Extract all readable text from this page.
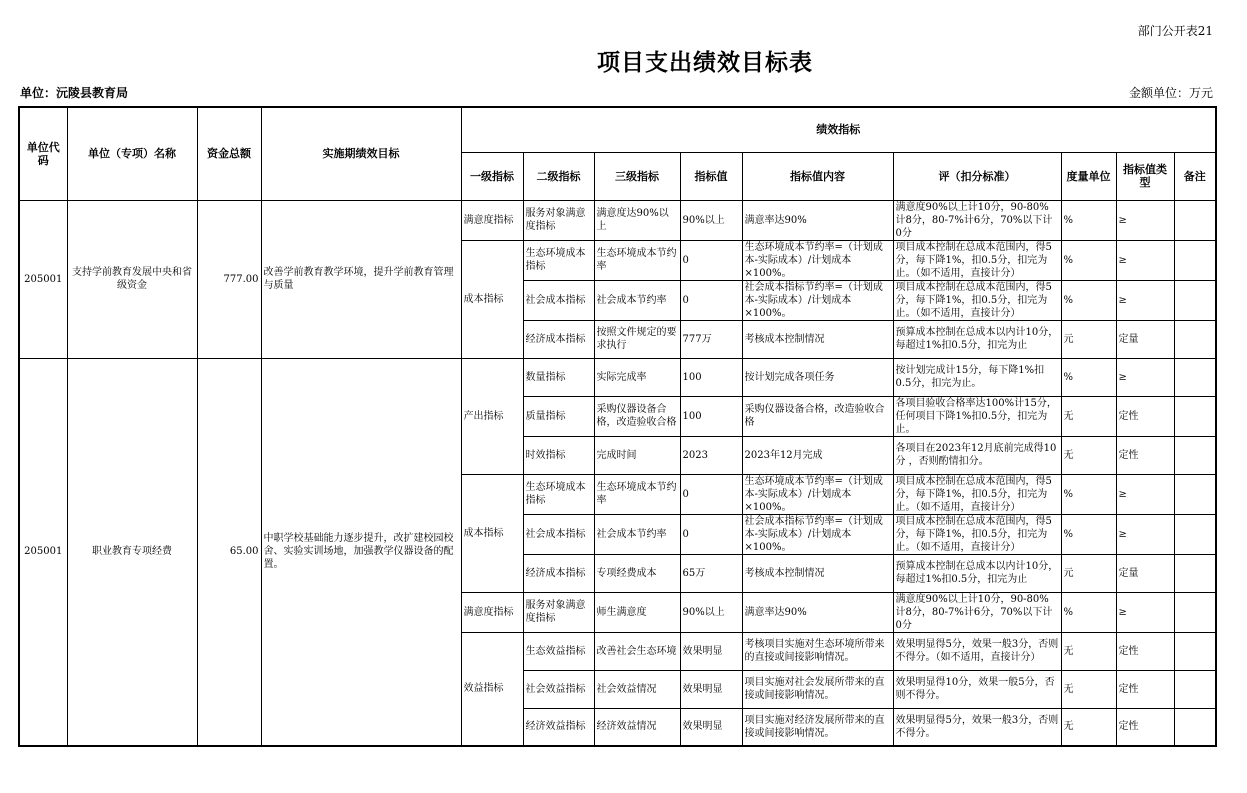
部门公开表21
项目支出绩效目标表
单位：沅陵县教育局	金额单位：万元
单位代码	单位（专项）名称	资金总额	实施期绩效目标	绩效指标								
				一级指标	二级指标	三级指标	指标值	指标值内容	评（扣分标准）	度量单位	指标值类型	备注

205001	支持学前教育发展中央和省级资金	777.00	改善学前教育教学环境，提升学前教育管理与质量	满意度指标	服务对象满意度指标	满意度达90%以上	90%以上	满意率达90%	满意度90%以上计10分，90-80%计8分，80-7%计6分，70%以下计0分	%	≥	

				成本指标	生态环境成本指标	生态环境成本节约率	0	生态环境成本节约率=（计划成本-实际成本）/计划成本×100%。	项目成本控制在总成本范围内，得5分，每下降1%，扣0.5分，扣完为止。（如不适用，直接计分）	%	≥	

					社会成本指标	社会成本节约率	0	社会成本指标节约率=（计划成本-实际成本）/计划成本×100%。	项目成本控制在总成本范围内，得5分，每下降1%，扣0.5分，扣完为止。（如不适用，直接计分）	%	≥	

					经济成本指标	按照文件规定的要求执行	777万	考核成本控制情况	预算成本控制在总成本以内计10分，每超过1%扣0.5分，扣完为止	元	定量	

205001	职业教育专项经费	65.00	中职学校基础能力逐步提升，改扩建校园校舍、实验实训场地，加强教学仪器设备的配置。	产出指标	数量指标	实际完成率	100	按计划完成各项任务	按计划完成计15分，每下降1%扣0.5分，扣完为止。	%	≥	

					质量指标	采购仪器设备合格，改造验收合格	100	采购仪器设备合格，改造验收合格	各项目验收合格率达100%计15分，任何项目下降1%扣0.5分，扣完为止。	无	定性	

					时效指标	完成时间	2023	2023年12月完成	各项目在2023年12月底前完成得10分 ，否则酌情扣分。	无	定性	

				成本指标	生态环境成本指标	生态环境成本节约率	0	生态环境成本节约率=（计划成本-实际成本）/计划成本×100%。	项目成本控制在总成本范围内，得5分，每下降1%，扣0.5分，扣完为止。（如不适用，直接计分）	%	≥	

					社会成本指标	社会成本节约率	0	社会成本指标节约率=（计划成本-实际成本）/计划成本×100%。	项目成本控制在总成本范围内，得5分，每下降1%，扣0.5分，扣完为止。（如不适用，直接计分）	%	≥	

					经济成本指标	专项经费成本	65万	考核成本控制情况	预算成本控制在总成本以内计10分，每超过1%扣0.5分，扣完为止	元	定量	

				满意度指标	服务对象满意度指标	师生满意度	90%以上	满意率达90%	满意度90%以上计10分，90-80%计8分，80-7%计6分，70%以下计0分	%	≥	

				效益指标	生态效益指标	改善社会生态环境	效果明显	考核项目实施对生态环境所带来的直接或间接影响情况。	效果明显得5分，效果一般3分，否则不得分。（如不适用，直接计分）	无	定性	

					社会效益指标	社会效益情况	效果明显	项目实施对社会发展所带来的直接或间接影响情况。	效果明显得10分，效果一般5分，否则不得分。	无	定性	

					经济效益指标	经济效益情况	效果明显	项目实施对经济发展所带来的直接或间接影响情况。	效果明显得5分，效果一般3分，否则不得分。	无	定性	
